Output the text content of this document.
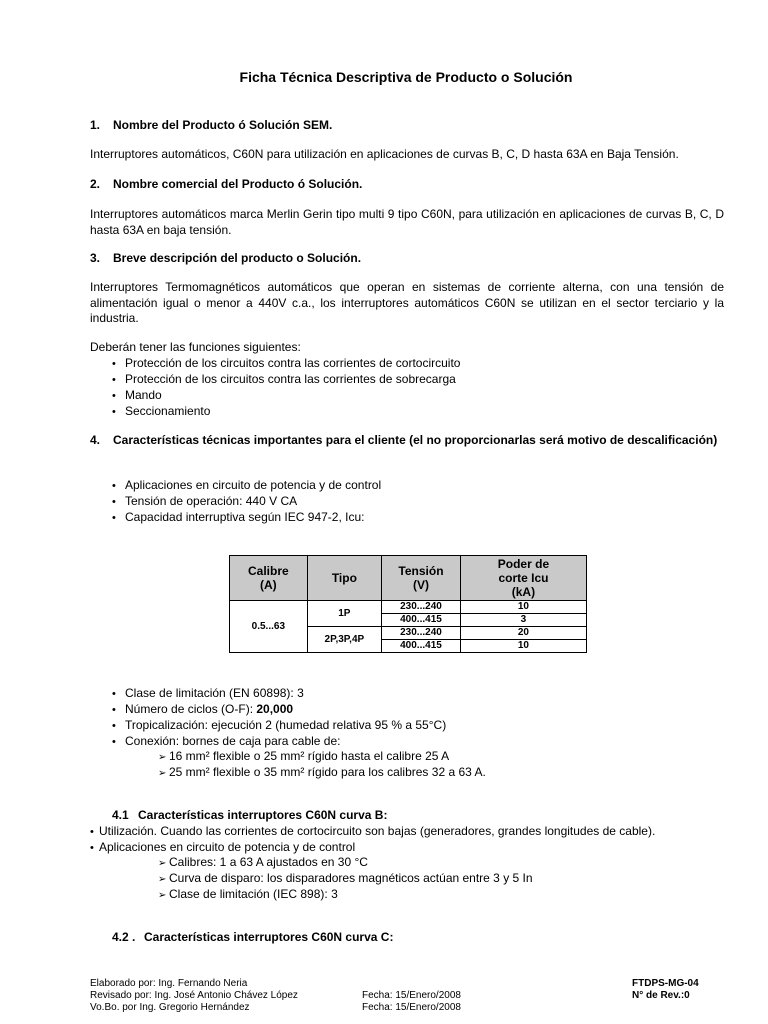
Ficha Técnica Descriptiva de Producto o Solución
1. Nombre del Producto ó Solución SEM.
Interruptores automáticos, C60N para utilización en aplicaciones de curvas B, C, D hasta 63A en Baja Tensión.
2. Nombre comercial del Producto ó Solución.
Interruptores automáticos marca Merlin Gerin tipo multi 9 tipo C60N, para utilización en aplicaciones de curvas B, C, D hasta 63A en baja tensión.
3. Breve descripción del producto o Solución.
Interruptores Termomagnéticos automáticos que operan en sistemas de corriente alterna, con una tensión de alimentación igual o menor a 440V c.a., los interruptores automáticos C60N se utilizan en el sector terciario y la industria.
Deberán tener las funciones siguientes:
• Protección de los circuitos contra las corrientes de cortocircuito
• Protección de los circuitos contra las corrientes de sobrecarga
• Mando
• Seccionamiento
4.	Características técnicas importantes para el cliente (el no proporcionarlas será motivo de descalificación)
• Aplicaciones en circuito de potencia y de control
• Tensión de operación: 440 V CA
• Capacidad interruptiva según IEC 947-2, Icu:
Calibre (A)	Tipo	Tensión (V)	Poder de corte Icu (kA)
0.5...63	1P	230...240	10
		400...415	3
	2P,3P,4P	230...240	20
		400...415	10
• Clase de limitación (EN 60898): 3
• Número de ciclos (O-F): 20,000
• Tropicalización: ejecución 2 (humedad relativa 95 % a 55°C)
• Conexión: bornes de caja para cable de:
➢ 16 mm² flexible o 25 mm² rígido hasta el calibre 25 A
➢ 25 mm² flexible o 35 mm² rígido para los calibres 32 a 63 A.
4.1 Características interruptores C60N curva B:
• Utilización. Cuando las corrientes de cortocircuito son bajas (generadores, grandes longitudes de cable).
• Aplicaciones en circuito de potencia y de control
➢ Calibres: 1 a 63 A ajustados en 30 °C
➢ Curva de disparo: los disparadores magnéticos actúan entre 3 y 5 In
➢ Clase de limitación (IEC 898): 3
4.2 . Características interruptores C60N curva C:
Elaborado por: Ing. Fernando Neria
Revisado por: Ing. José Antonio Chávez López
Vo.Bo. por Ing. Gregorio Hernández
Fecha: 15/Enero/2008
Fecha: 15/Enero/2008
FTDPS-MG-04
N° de Rev.:0
